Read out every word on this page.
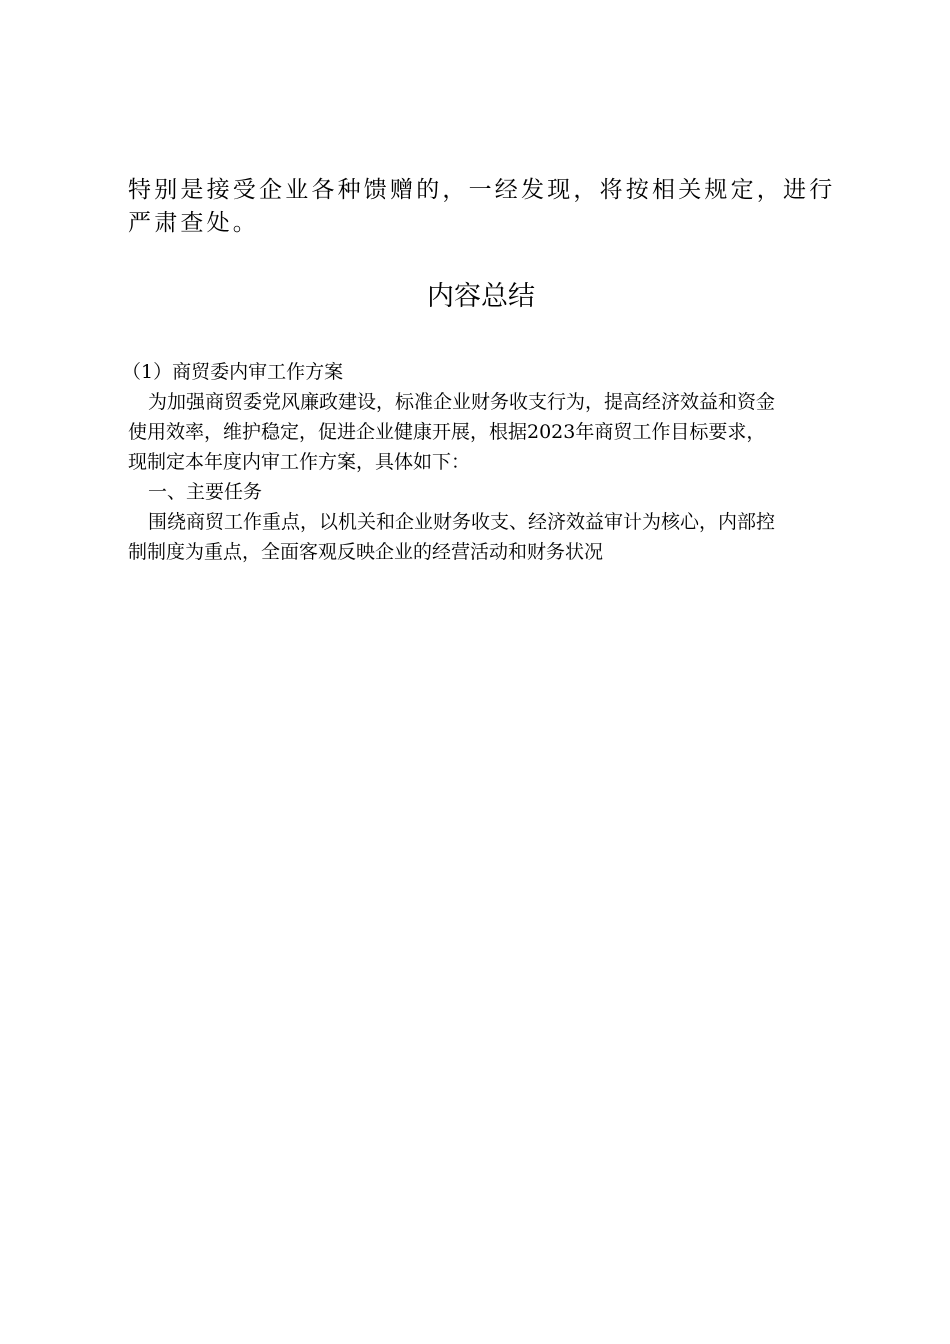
特别是接受企业各种馈赠的，一经发现，将按相关规定，进行
严肃查处。

内容总结
（1）商贸委内审工作方案
为加强商贸委党风廉政建设，标准企业财务收支行为，提高经济效益和资金
使用效率，维护稳定，促进企业健康开展，根据2023年商贸工作目标要求，
现制定本年度内审工作方案，具体如下：
一、主要任务
围绕商贸工作重点，以机关和企业财务收支、经济效益审计为核心，内部控
制制度为重点，全面客观反映企业的经营活动和财务状况
